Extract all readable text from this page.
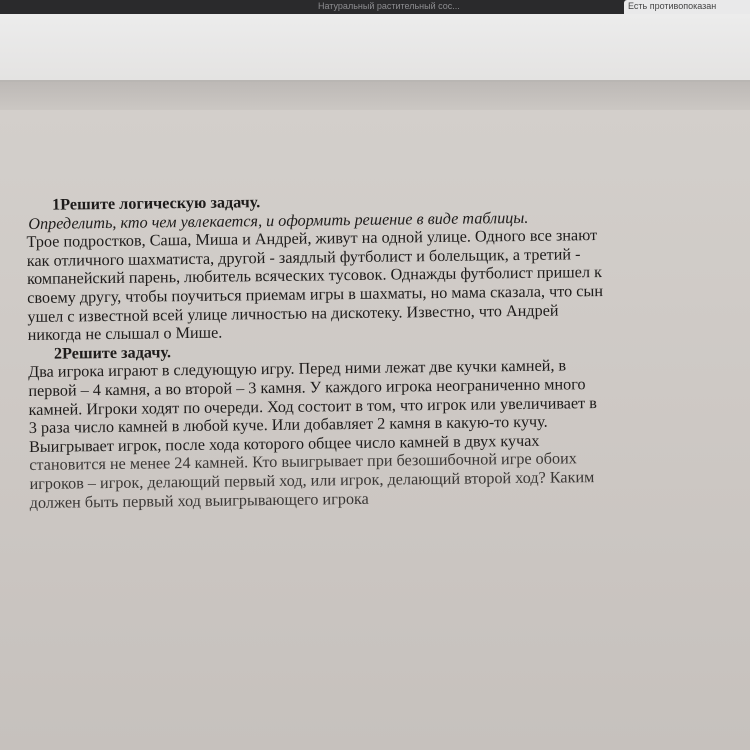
Натуральный растительный сос...	Есть противопоказан

1Решите логическую задачу.

Определить, кто чем увлекается, и оформить решение в виде таблицы.

Трое подростков, Саша, Миша и Андрей, живут на одной улице. Одного все знают

как отличного шахматиста, другой - заядлый футболист и болельщик, а третий -

компанейский парень, любитель всяческих тусовок. Однажды футболист пришел к

своему другу, чтобы поучиться приемам игры в шахматы, но мама сказала, что сын

ушел с известной всей улице личностью на дискотеку. Известно, что Андрей

никогда не слышал о Мише.

2Решите задачу.

Два игрока играют в следующую игру. Перед ними лежат две кучки камней, в

первой – 4 камня, а во второй – 3 камня. У каждого игрока неограниченно много

камней. Игроки ходят по очереди. Ход состоит в том, что игрок или увеличивает в

3 раза число камней в любой куче. Или добавляет 2 камня в какую-то кучу.

Выигрывает игрок, после хода которого общее число камней в двух кучах

становится не менее 24 камней. Кто выигрывает при безошибочной игре обоих

игроков – игрок, делающий первый ход, или игрок, делающий второй ход? Каким

должен быть первый ход выигрывающего игрока
